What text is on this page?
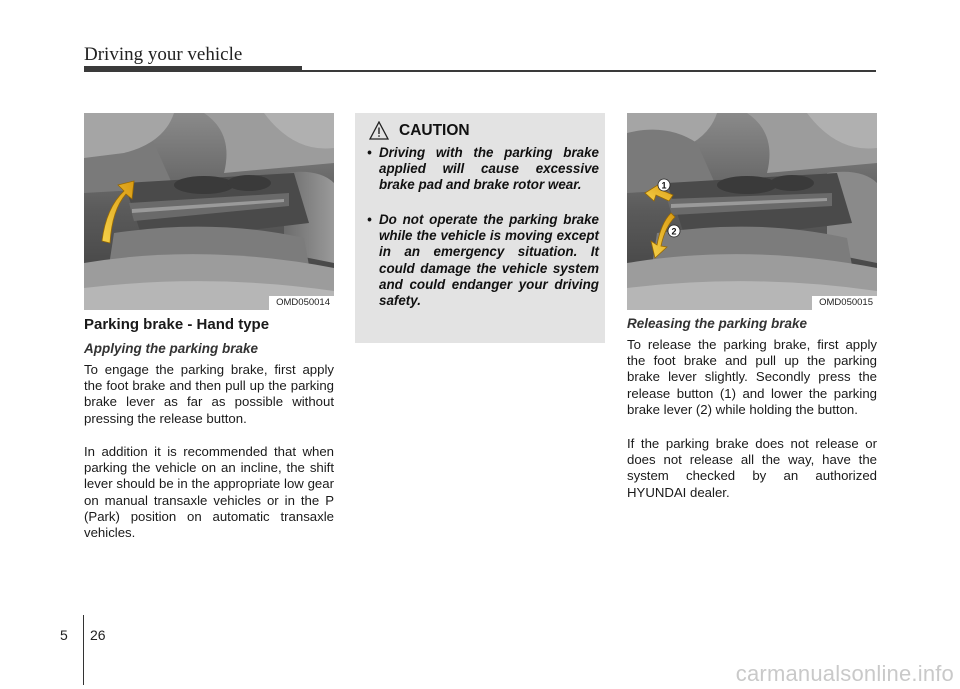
Driving your vehicle
OMD050014
Parking brake - Hand type
Applying the parking brake

To engage the parking brake, first apply the foot brake and then pull up the parking brake lever as far as possible without pressing the release button.

In addition it is recommended that when parking the vehicle on an incline, the shift lever should be in the appropriate low gear on manual transaxle vehicles or in the P (Park) position on automatic transaxle vehicles.

CAUTION
• Driving with the parking brake applied will cause excessive brake pad and brake rotor wear.
• Do not operate the parking brake while the vehicle is moving except in an emergency situation. It could damage the vehicle system and could endanger your driving safety.
1
2
OMD050015
Releasing the parking brake

To release the parking brake, first apply the foot brake and pull up the parking brake lever slightly. Secondly press the release button (1) and lower the parking brake lever (2) while holding the button.

If the parking brake does not release or does not release all the way, have the system checked by an authorized HYUNDAI dealer.

5 26
carmanualsonline.info
